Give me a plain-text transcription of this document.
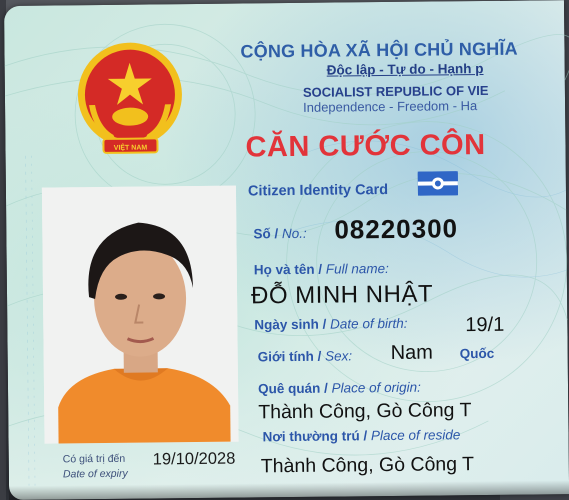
VIỆT NAM
CỘNG HÒA XÃ HỘI CHỦ NGHĨA
Độc lập - Tự do - Hạnh p
SOCIALIST REPUBLIC OF VIE
Independence - Freedom - Ha
CĂN CƯỚC CÔN
Citizen Identity Card
Số / No.: 08220300
Họ và tên / Full name:
ĐỖ MINH NHẬT
Ngày sinh / Date of birth:	19/1
Giới tính / Sex: Nam Quốc
Quê quán / Place of origin:
Thành Công, Gò Công T
Nơi thường trú / Place of reside
Thành Công, Gò Công T
Có giá trị đến
Date of expiry
19/10/2028
